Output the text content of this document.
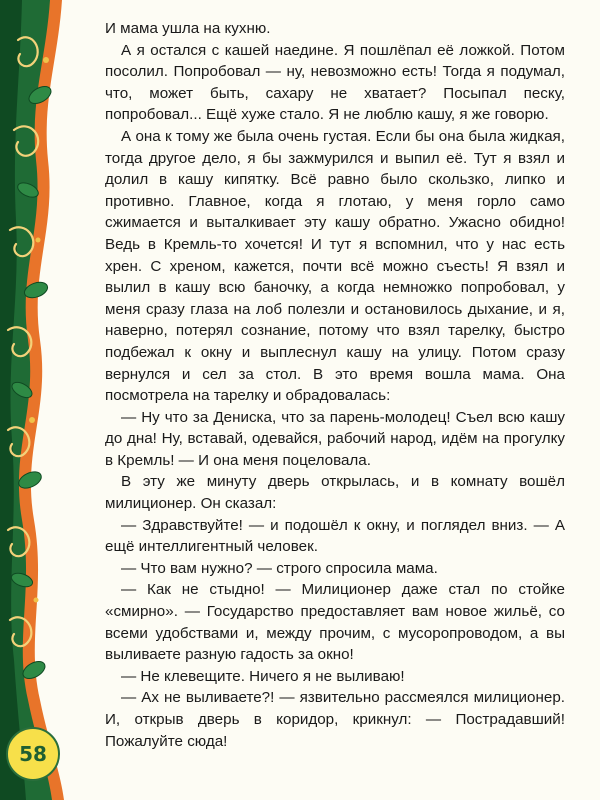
И мама ушла на кухню.

А я остался с кашей наедине. Я пошлёпал её ложкой. Потом посолил. Попробовал — ну, невозможно есть! Тогда я подумал, что, может быть, сахару не хватает? Посыпал песку, попробовал... Ещё хуже стало. Я не люблю кашу, я же говорю.

А она к тому же была очень густая. Если бы она была жидкая, тогда другое дело, я бы зажмурился и выпил её. Тут я взял и долил в кашу кипятку. Всё равно было скользко, липко и противно. Главное, когда я глотаю, у меня горло само сжимается и выталкивает эту кашу обратно. Ужасно обидно! Ведь в Кремль-то хочется! И тут я вспомнил, что у нас есть хрен. С хреном, кажется, почти всё можно съесть! Я взял и вылил в кашу всю баночку, а когда немножко попробовал, у меня сразу глаза на лоб полезли и остановилось дыхание, и я, наверно, потерял сознание, потому что взял тарелку, быстро подбежал к окну и выплеснул кашу на улицу. Потом сразу вернулся и сел за стол. В это время вошла мама. Она посмотрела на тарелку и обрадовалась:

— Ну что за Дениска, что за парень-молодец! Съел всю кашу до дна! Ну, вставай, одевайся, рабочий народ, идём на прогулку в Кремль! — И она меня поцеловала.

В эту же минуту дверь открылась, и в комнату вошёл милиционер. Он сказал:

— Здравствуйте! — и подошёл к окну, и поглядел вниз. — А ещё интеллигентный человек.

— Что вам нужно? — строго спросила мама.

— Как не стыдно! — Милиционер даже стал по стойке «смирно». — Государство предоставляет вам новое жильё, со всеми удобствами и, между прочим, с мусоропроводом, а вы выливаете разную гадость за окно!

— Не клевещите. Ничего я не выливаю!

— Ах не выливаете?! — язвительно рассмеялся милиционер. И, открыв дверь в коридор, крикнул: — Пострадавший! Пожалуйте сюда!

58
